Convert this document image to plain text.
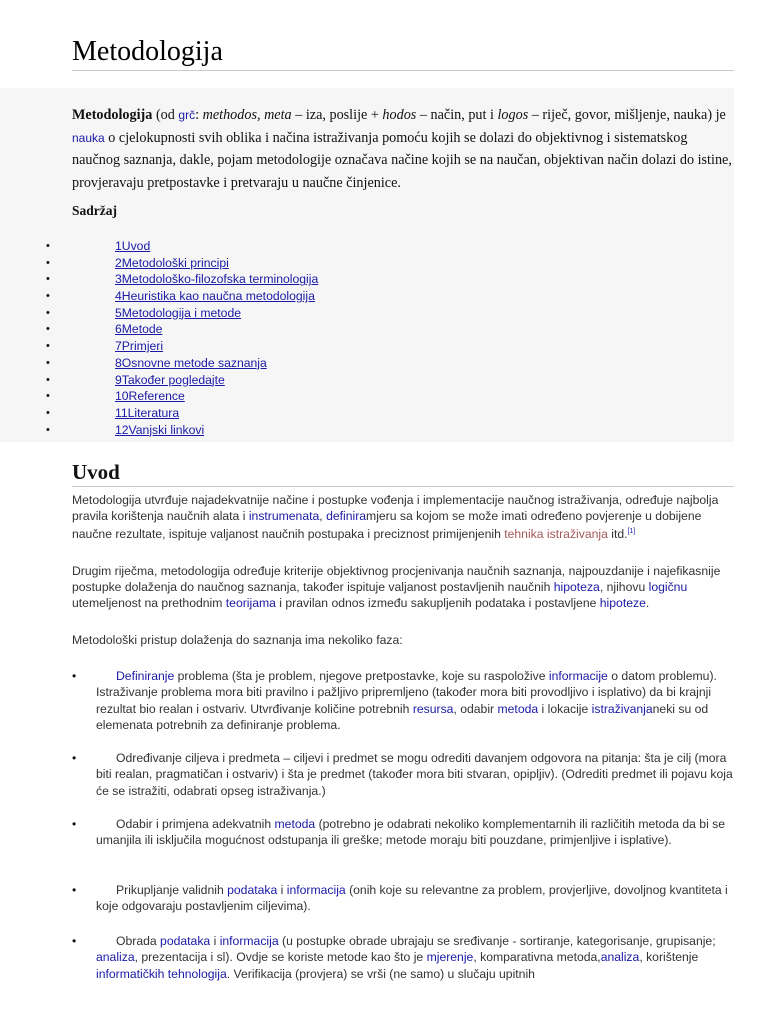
Metodologija

Metodologija (od grč: methodos, meta – iza, poslije + hodos – način, put i logos – riječ, govor, mišljenje, nauka) je nauka o cjelokupnosti svih oblika i načina istraživanja pomoću kojih se dolazi do objektivnog i sistematskog naučnog saznanja, dakle, pojam metodologije označava načine kojih se na naučan, objektivan način dolazi do istine, provjeravaju pretpostavke i pretvaraju u naučne činjenice.

Sadržaj
•	1Uvod
•	2Metodološki principi
•	3Metodološko-filozofska terminologija
•	4Heuristika kao naučna metodologija
•	5Metodologija i metode
•	6Metode
•	7Primjeri
•	8Osnovne metode saznanja
•	9Također pogledajte
•	10Reference
•	11Literatura
•	12Vanjski linkovi
Uvod

Metodologija utvrđuje najadekvatnije načine i postupke vođenja i implementacije naučnog istraživanja, određuje najbolja pravila korištenja naučnih alata i instrumenata, definiramjeru sa kojom se može imati određeno povjerenje u dobijene naučne rezultate, ispituje valjanost naučnih postupaka i preciznost primijenjenih tehnika istraživanja itd.[1]

Drugim riječma, metodologija određuje kriterije objektivnog procjenivanja naučnih saznanja, najpouzdanije i najefikasnije postupke dolaženja do naučnog saznanja, također ispituje valjanost postavljenih naučnih hipoteza, njihovu logičnu utemeljenost na prethodnim teorijama i pravilan odnos između sakupljenih podataka i postavljene hipoteze.

Metodološki pristup dolaženja do saznanja ima nekoliko faza:

•	Definiranje problema (šta je problem, njegove pretpostavke, koje su raspoložive informacije o datom problemu). Istraživanje problema mora biti pravilno i pažljivo pripremljeno (također mora biti provodljivo i isplativo) da bi krajnji rezultat bio realan i ostvariv. Utvrđivanje količine potrebnih resursa, odabir metoda i lokacije istraživanjaneki su od elemenata potrebnih za definiranje problema.
•	Određivanje ciljeva i predmeta – ciljevi i predmet se mogu odrediti davanjem odgovora na pitanja: šta je cilj (mora biti realan, pragmatičan i ostvariv) i šta je predmet (također mora biti stvaran, opipljiv). (Odrediti predmet ili pojavu koja će se istražiti, odabrati opseg istraživanja.)
•	Odabir i primjena adekvatnih metoda (potrebno je odabrati nekoliko komplementarnih ili različitih metoda da bi se umanjila ili isključila mogućnost odstupanja ili greške; metode moraju biti pouzdane, primjenljive i isplative).
•	Prikupljanje validnih podataka i informacija (onih koje su relevantne za problem, provjerljive, dovoljnog kvantiteta i koje odgovaraju postavljenim ciljevima).
•	Obrada podataka i informacija (u postupke obrade ubrajaju se sređivanje - sortiranje, kategorisanje, grupisanje; analiza, prezentacija i sl). Ovdje se koriste metode kao što je mjerenje, komparativna metoda,analiza, korištenje informatičkih tehnologija. Verifikacija (provjera) se vrši (ne samo) u slučaju upitnih
